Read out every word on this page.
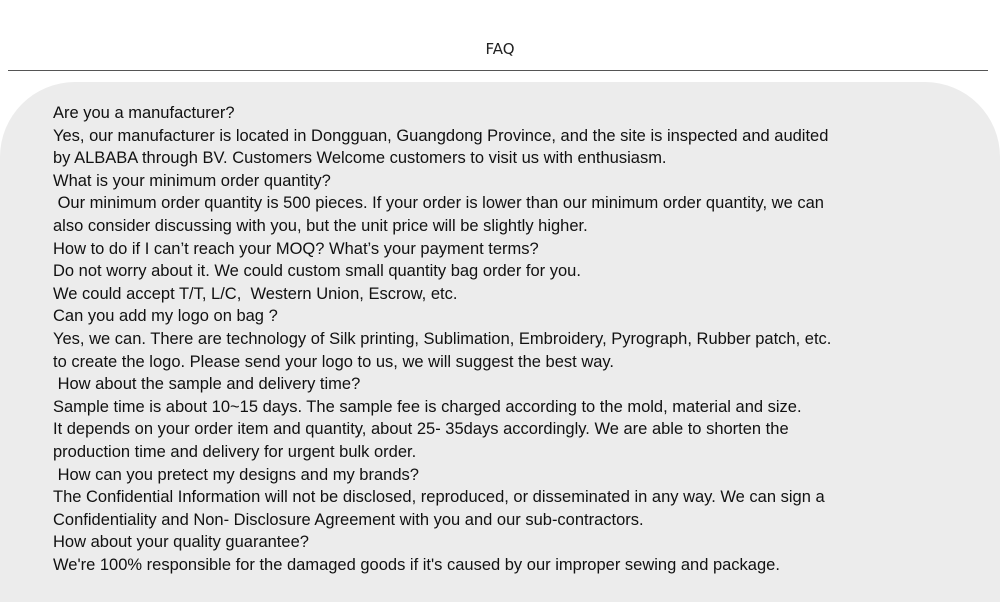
FAQ
Are you a manufacturer?
Yes, our manufacturer is located in Dongguan, Guangdong Province, and the site is inspected and audited
by ALBABA through BV. Customers Welcome customers to visit us with enthusiasm.
What is your minimum order quantity?
Our minimum order quantity is 500 pieces. If your order is lower than our minimum order quantity, we can
also consider discussing with you, but the unit price will be slightly higher.
How to do if I can’t reach your MOQ? What’s your payment terms?
Do not worry about it. We could custom small quantity bag order for you.
We could accept T/T, L/C,  Western Union, Escrow, etc.
Can you add my logo on bag ?
Yes, we can. There are technology of Silk printing, Sublimation, Embroidery, Pyrograph, Rubber patch, etc.
to create the logo. Please send your logo to us, we will suggest the best way.
How about the sample and delivery time?
Sample time is about 10~15 days. The sample fee is charged according to the mold, material and size.
It depends on your order item and quantity, about 25- 35days accordingly. We are able to shorten the
production time and delivery for urgent bulk order.
How can you pretect my designs and my brands?
The Confidential Information will not be disclosed, reproduced, or disseminated in any way. We can sign a
Confidentiality and Non- Disclosure Agreement with you and our sub-contractors.
How about your quality guarantee?
We're 100% responsible for the damaged goods if it's caused by our improper sewing and package.
